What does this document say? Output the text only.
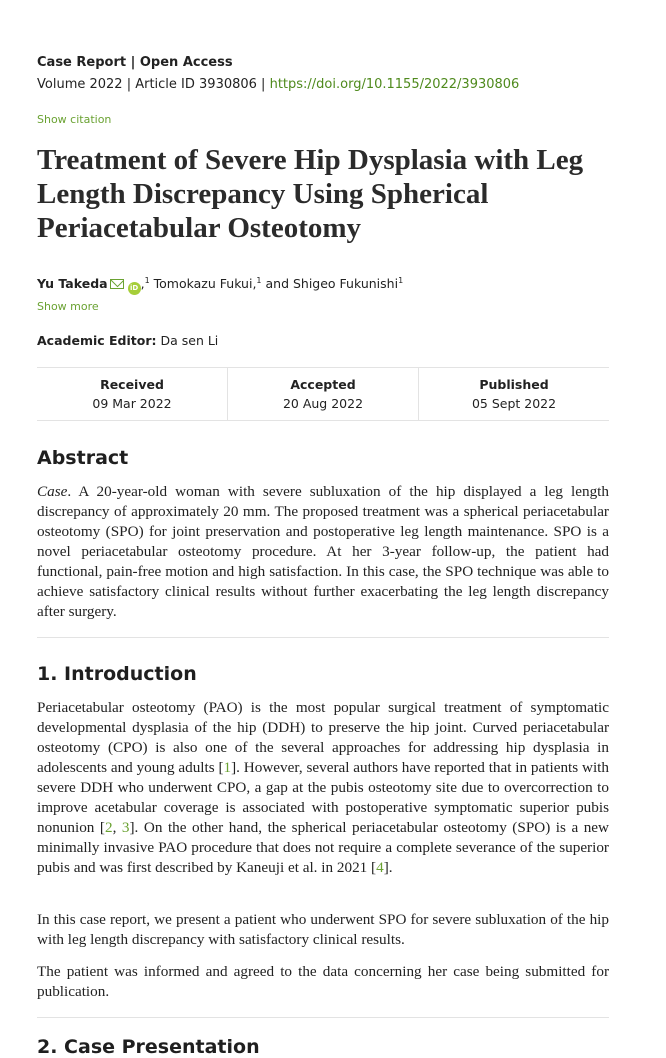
Case Report | Open Access
Volume 2022 | Article ID 3930806 | https://doi.org/10.1155/2022/3930806
Show citation
Treatment of Severe Hip Dysplasia with Leg Length Discrepancy Using Spherical Periacetabular Osteotomy
Yu Takeda	iD ,$^1$ Tomokazu Fukui,$^1$ and Shigeo Fukunishi$^1$
Show more
Academic Editor: Da sen Li
Received
09 Mar 2022
Accepted
20 Aug 2022
Published
05 Sept 2022
Abstract

Case. A 20-year-old woman with severe subluxation of the hip displayed a leg length discrepancy of approximately 20 mm. The proposed treatment was a spherical periacetabular osteotomy (SPO) for joint preservation and postoperative leg length maintenance. SPO is a novel periacetabular osteotomy procedure. At her 3-year follow-up, the patient had functional, pain-free motion and high satisfaction. In this case, the SPO technique was able to achieve satisfactory clinical results without further exacerbating the leg length discrepancy after surgery.

1. Introduction

Periacetabular osteotomy (PAO) is the most popular surgical treatment of symptomatic developmental dysplasia of the hip (DDH) to preserve the hip joint. Curved periacetabular osteotomy (CPO) is also one of the several approaches for addressing hip dysplasia in adolescents and young adults [1]. However, several authors have reported that in patients with severe DDH who underwent CPO, a gap at the pubis osteotomy site due to overcorrection to improve acetabular coverage is associated with postoperative symptomatic superior pubis nonunion [2, 3]. On the other hand, the spherical periacetabular osteotomy (SPO) is a new minimally invasive PAO procedure that does not require a complete severance of the superior pubis and was first described by Kaneuji et al. in 2021 [4].

In this case report, we present a patient who underwent SPO for severe subluxation of the hip with leg length discrepancy with satisfactory clinical results.

The patient was informed and agreed to the data concerning her case being submitted for publication.

2. Case Presentation
